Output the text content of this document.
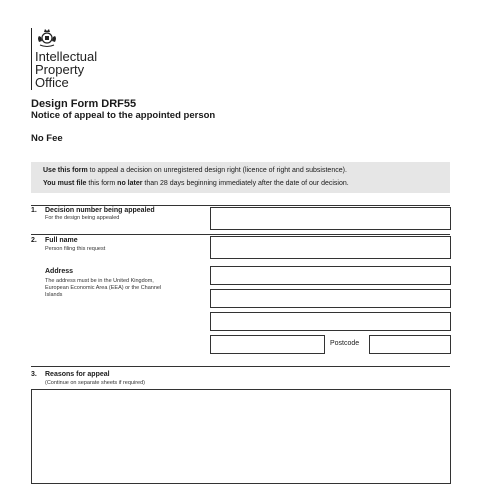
Intellectual
Property
Office
Design Form DRF55
Notice of appeal to the appointed person
No Fee
Use this form to appeal a decision on unregistered design right (licence of right and subsistence).
You must file this form no later than 28 days beginning immediately after the date of our decision.
1. Decision number being appealed
For the design being appealed
2. Full name
Person filing this request
Address
The address must be in the United Kingdom,
European Economic Area (EEA) or the Channel
Islands
Postcode
3. Reasons for appeal
(Continue on separate sheets if required)
